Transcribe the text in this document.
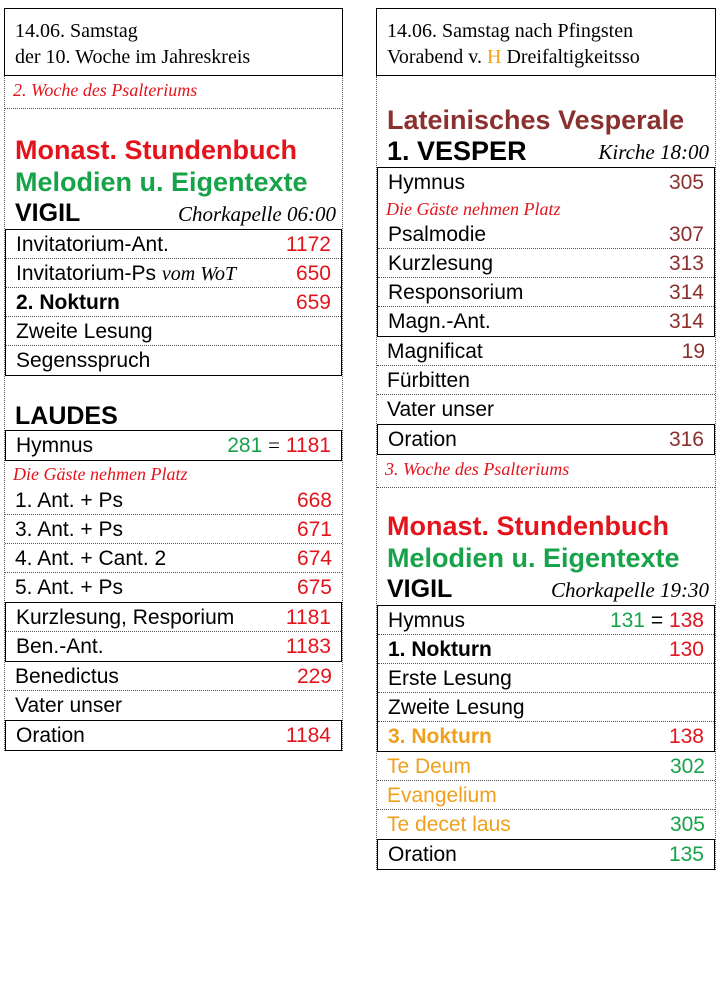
14.06. Samstag
der 10. Woche im Jahreskreis
2. Woche des Psalteriums
Monast. Stundenbuch
Melodien u. Eigentexte
VIGIL	Chorkapelle 06:00
Invitatorium-Ant.	1172
Invitatorium-Ps vom WoT	650
2. Nokturn	659
Zweite Lesung
Segensspruch
LAUDES
Hymnus	281 = 1181
Die Gäste nehmen Platz
1. Ant. + Ps	668
3. Ant. + Ps	671
4. Ant. + Cant. 2	674
5. Ant. + Ps	675
Kurzlesung, Resporium 1181
Ben.-Ant.	1183
Benedictus	229
Vater unser
Oration	1184
14.06. Samstag nach Pfingsten
Vorabend v. H Dreifaltigkeitsso
Lateinisches Vesperale
1. VESPER	Kirche 18:00
Hymnus	305
Die Gäste nehmen Platz
Psalmodie	307
Kurzlesung	313
Responsorium	314
Magn.-Ant.	314
Magnificat	19
Fürbitten
Vater unser
Oration	316
3. Woche des Psalteriums
Monast. Stundenbuch
Melodien u. Eigentexte
VIGIL	Chorkapelle 19:30
Hymnus	131 = 138
1. Nokturn	130
Erste Lesung
Zweite Lesung
3. Nokturn	138
Te Deum	302
Evangelium
Te decet laus	305
Oration	135
